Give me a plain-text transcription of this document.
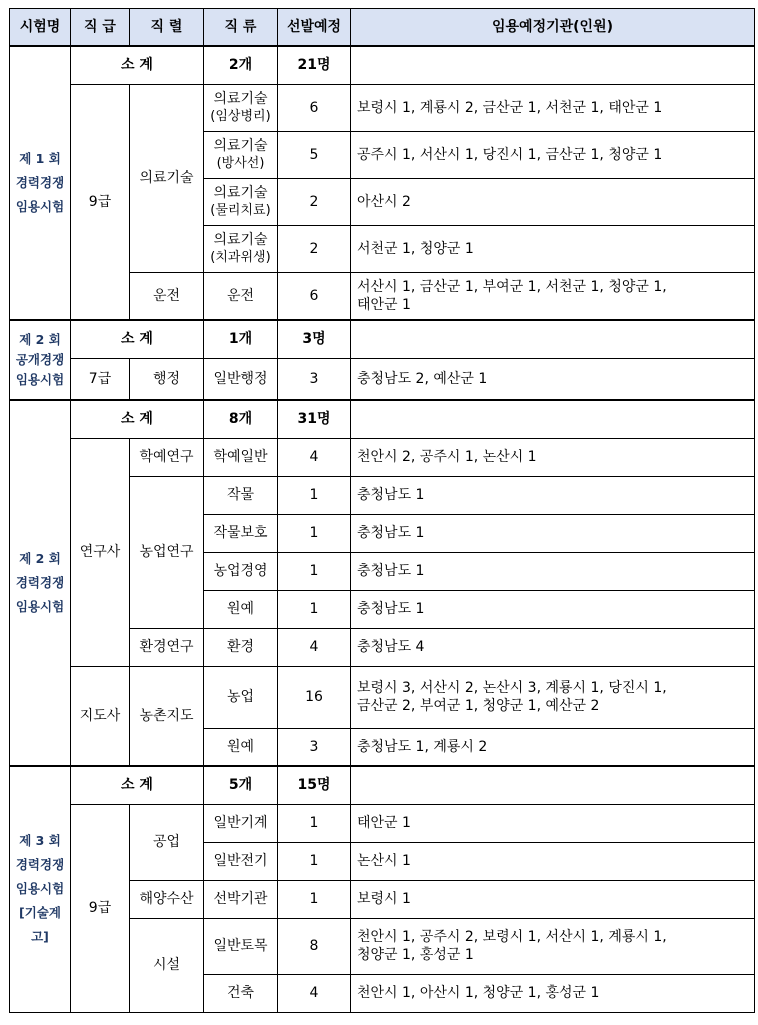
시험명	직 급	직 렬	직 류	선발예정	임용예정기관(인원)

제 1 회
경력경쟁
임용시험	소 계		2개	21명	
	9급	의료기술	의료기술
(임상병리)	6	보령시 1, 계룡시 2, 금산군 1, 서천군 1, 태안군 1

			의료기술
(방사선)	5	공주시 1, 서산시 1, 당진시 1, 금산군 1, 청양군 1

			의료기술
(물리치료)	2	아산시 2

			의료기술
(치과위생)	2	서천군 1, 청양군 1
		운전	운전	6	서산시 1, 금산군 1, 부여군 1, 서천군 1, 청양군 1,
태안군 1

제 2 회
공개경쟁
임용시험	소 계		1개	3명	
	7급	행정	일반행정	3	충청남도 2, 예산군 1

제 2 회
경력경쟁
임용시험	소 계		8개	31명	
	연구사	학예연구	학예일반	4	천안시 2, 공주시 1, 논산시 1
		농업연구	작물	1	충청남도 1
			작물보호	1	충청남도 1
			농업경영	1	충청남도 1
			원예	1	충청남도 1
		환경연구	환경	4	충청남도 4
	지도사	농촌지도	농업	16	보령시 3, 서산시 2, 논산시 3, 계룡시 1, 당진시 1,
금산군 2, 부여군 1, 청양군 1, 예산군 2

			원예	3	충청남도 1, 계룡시 2

제 3 회
경력경쟁
임용시험
[기술계고]	소 계		5개	15명	
	9급	공업	일반기계	1	태안군 1
			일반전기	1	논산시 1
		해양수산	선박기관	1	보령시 1
		시설	일반토목	8	천안시 1, 공주시 2, 보령시 1, 서산시 1, 계룡시 1,
청양군 1, 홍성군 1

			건축	4	천안시 1, 아산시 1, 청양군 1, 홍성군 1
